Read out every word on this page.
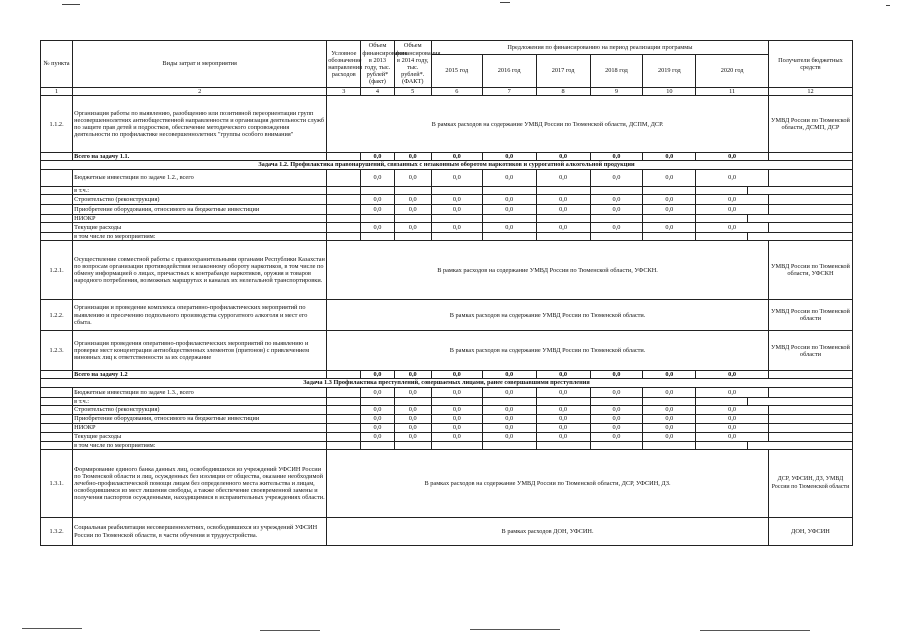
№ пункта	Виды затрат и мероприятия	Условное обозначение направления расходов	Объем финансирования в 2013 году, тыс. рублей* (факт)	Объем финансирования в 2014 году, тыс. рублей*. (ФАКТ)	Предложения по финансированию на период реализации программы							Получатели бюджетных средств
					2015 год	2016 год	2017 год	2018 год	2019 год	2020 год		
1	2	3	4	5	6	7	8	9	10	11		12
1.1.2.	Организация работы по выявлению, разобщению или позитивной переориентации групп несовершеннолетних антиобщественной направленности и организация деятельности служб по защите прав детей и подростков, обеспечение методического сопровождения деятельности по профилактике несовершеннолетних "группы особого внимания"	В рамках расходов на содержание УМВД России по Тюменской области, ДСПМ, ДСР.										УМВД России по Тюменской области, ДСМП, ДСР
	Всего на задачу 1.1.		0,0	0,0	0,0	0,0	0,0	0,0	0,0	0,0		
Задача 1.2. Профилактика правонарушений, связанных с незаконным оборотом наркотиков и суррогатной алкогольной продукции												
	Бюджетные инвестиции по задаче 1.2., всего		0,0	0,0	0,0	0,0	0,0	0,0	0,0	0,0		
	в т.ч.:											
	Строительство (реконструкция)		0,0	0,0	0,0	0,0	0,0	0,0	0,0	0,0		
	Приобретение оборудования, относимого на бюджетные инвестиции		0,0	0,0	0,0	0,0	0,0	0,0	0,0	0,0		
	НИОКР											
	Текущие расходы		0,0	0,0	0,0	0,0	0,0	0,0	0,0	0,0		
	в том числе по мероприятиям:											
1.2.1.	Осуществление совместной работы с правоохранительными органами Республики Казахстан по вопросам организации противодействия незаконному обороту наркотиков, в том числе по обмену информацией о лицах, причастных к контрабанде наркотиков, оружия и товаров народного потребления, возможных маршрутах и каналах их нелегальной транспортировки.	В рамках расходов на содержание УМВД России по Тюменской области, УФСКН.										УМВД России по Тюменской области, УФСКН
1.2.2.	Организация и проведение комплекса оперативно-профилактических мероприятий по выявлению и пресечению подпольного производства суррогатного алкоголя и мест его сбыта.	В рамках расходов на содержание УМВД России по Тюменской области.										УМВД России по Тюменской области
1.2.3.	Организация проведения оперативно-профилактических мероприятий по выявлению и проверке мест концентрации антиобщественных элементов (притонов) с привлечением виновных лиц к ответственности за их содержание	В рамках расходов на содержание УМВД России по Тюменской области.										УМВД России по Тюменской области
	Всего на задачу 1.2		0,0	0,0	0,0	0,0	0,0	0,0	0,0	0,0		
Задача 1.3 Профилактика преступлений, совершаемых лицами, ранее совершавшими преступления												
	Бюджетные инвестиции по задаче 1.3., всего		0,0	0,0	0,0	0,0	0,0	0,0	0,0	0,0		
	в т.ч.:											
	Строительство (реконструкция)		0,0	0,0	0,0	0,0	0,0	0,0	0,0	0,0		
	Приобретение оборудования, относимого на бюджетные инвестиции		0,0	0,0	0,0	0,0	0,0	0,0	0,0	0,0		
	НИОКР		0,0	0,0	0,0	0,0	0,0	0,0	0,0	0,0		
	Текущие расходы		0,0	0,0	0,0	0,0	0,0	0,0	0,0	0,0		
	в том числе по мероприятиям:											
1.3.1.	Формирование единого банка данных лиц, освободившихся из учреждений УФСИН России по Тюменской области и лиц, осужденных без изоляции от общества, оказание необходимой лечебно-профилактической помощи лицам без определенного места жительства и лицам, освободившимся из мест лишения свободы, а также обеспечение своевременной замены и получения паспортов осужденными, находящимися в исправительных учреждениях области.	В рамках расходов на содержание УМВД России по Тюменской области, ДСР, УФСИН, ДЗ.										ДСР, УФСИН, ДЗ, УМВД России по Тюменской области
1.3.2.	Социальная реабилитация несовершеннолетних, освободившихся из учреждений УФСИН России по Тюменской области, в части обучения и трудоустройства.	В рамках расходов ДОН, УФСИН.										ДОН, УФСИН
